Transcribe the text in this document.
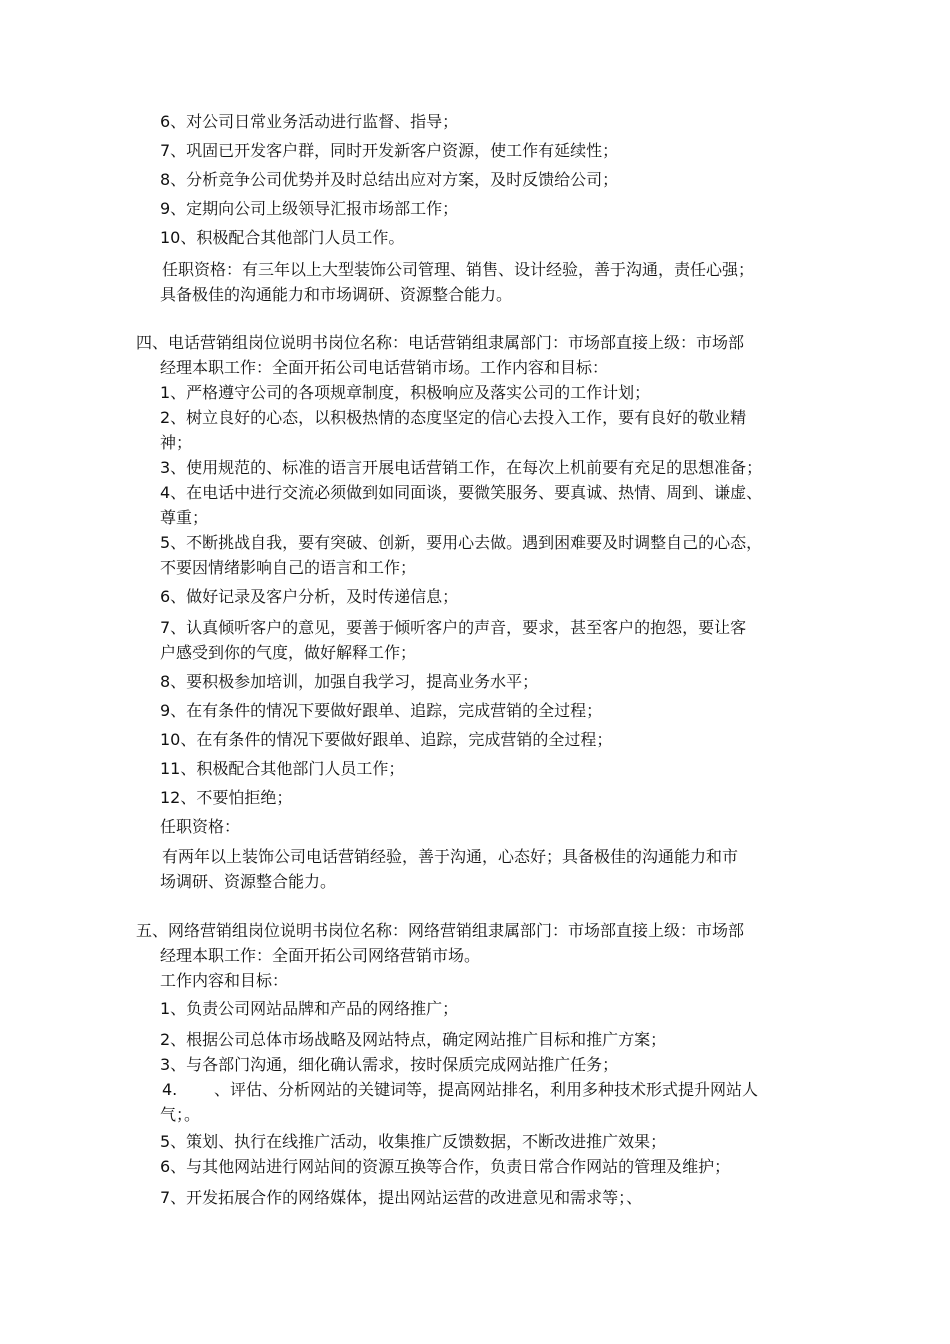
6、对公司日常业务活动进行监督、指导；
7、巩固已开发客户群，同时开发新客户资源，使工作有延续性；
8、分析竞争公司优势并及时总结出应对方案，及时反馈给公司；
9、定期向公司上级领导汇报市场部工作；
10、积极配合其他部门人员工作。
任职资格：有三年以上大型装饰公司管理、销售、设计经验，善于沟通，责任心强；
具备极佳的沟通能力和市场调研、资源整合能力。
四、电话营销组岗位说明书岗位名称：电话营销组隶属部门：市场部直接上级：市场部
经理本职工作：全面开拓公司电话营销市场。工作内容和目标：
1、严格遵守公司的各项规章制度，积极响应及落实公司的工作计划；
2、树立良好的心态，以积极热情的态度坚定的信心去投入工作，要有良好的敬业精
神；
3、使用规范的、标准的语言开展电话营销工作，在每次上机前要有充足的思想准备；
4、在电话中进行交流必须做到如同面谈，要微笑服务、要真诚、热情、周到、谦虚、
尊重；
5、不断挑战自我，要有突破、创新，要用心去做。遇到困难要及时调整自己的心态，
不要因情绪影响自己的语言和工作；
6、做好记录及客户分析，及时传递信息；
7、认真倾听客户的意见，要善于倾听客户的声音，要求，甚至客户的抱怨，要让客
户感受到你的气度，做好解释工作；
8、要积极参加培训，加强自我学习，提高业务水平；
9、在有条件的情况下要做好跟单、追踪，完成营销的全过程；
10、在有条件的情况下要做好跟单、追踪，完成营销的全过程；
11、积极配合其他部门人员工作；
12、不要怕拒绝；
任职资格：
有两年以上装饰公司电话营销经验，善于沟通，心态好；具备极佳的沟通能力和市
场调研、资源整合能力。
五、网络营销组岗位说明书岗位名称：网络营销组隶属部门：市场部直接上级：市场部
经理本职工作：全面开拓公司网络营销市场。
工作内容和目标：
1、负责公司网站品牌和产品的网络推广；
2、根据公司总体市场战略及网站特点，确定网站推广目标和推广方案；
3、与各部门沟通，细化确认需求，按时保质完成网站推广任务；
4. 、评估、分析网站的关键词等，提高网站排名，利用多种技术形式提升网站人
气；。
5、策划、执行在线推广活动，收集推广反馈数据，不断改进推广效果；
6、与其他网站进行网站间的资源互换等合作，负责日常合作网站的管理及维护；
7、开发拓展合作的网络媒体，提出网站运营的改进意见和需求等；、
